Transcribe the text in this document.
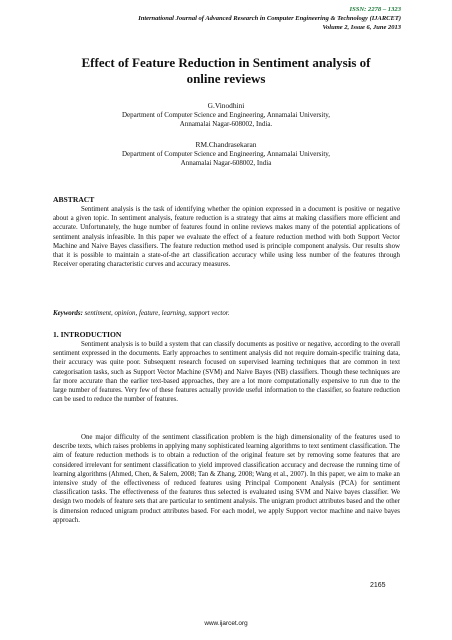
ISSN: 2278 – 1323
International Journal of Advanced Research in Computer Engineering & Technology (IJARCET)
Volume 2, Issue 6, June 2013
Effect of Feature Reduction in Sentiment analysis of
online reviews
G.Vinodhini
Department of Computer Science and Engineering, Annamalai University,
Annamalai Nagar-608002, India.
RM.Chandrasekaran
Department of Computer Science and Engineering, Annamalai University,
Annamalai Nagar-608002, India
ABSTRACT
Sentiment analysis is the task of identifying whether the opinion expressed in a document is positive or negative about a given topic. In sentiment analysis, feature reduction is a strategy that aims at making classifiers more efficient and accurate. Unfortunately, the huge number of features found in online reviews makes many of the potential applications of sentiment analysis infeasible. In this paper we evaluate the effect of a feature reduction method with both Support Vector Machine and Naive Bayes classifiers. The feature reduction method used is principle component analysis. Our results show that it is possible to maintain a state-of-the art classification accuracy while using less number of the features through Receiver operating characteristic curves and accuracy measures.
Keywords: sentiment, opinion, feature, learning, support vector.
1. INTRODUCTION
Sentiment analysis is to build a system that can classify documents as positive or negative, according to the overall sentiment expressed in the documents. Early approaches to sentiment analysis did not require domain-specific training data, their accuracy was quite poor. Subsequent research focused on supervised learning techniques that are common in text categorisation tasks, such as Support Vector Machine (SVM) and Naive Bayes (NB) classifiers. Though these techniques are far more accurate than the earlier text-based approaches, they are a lot more computationally expensive to run due to the large number of features. Very few of these features actually provide useful information to the classifier, so feature reduction can be used to reduce the number of features.
One major difficulty of the sentiment classification problem is the high dimensionality of the features used to describe texts, which raises problems in applying many sophisticated learning algorithms to text sentiment classification. The aim of feature reduction methods is to obtain a reduction of the original feature set by removing some features that are considered irrelevant for sentiment classification to yield improved classification accuracy and decrease the running time of learning algorithms (Ahmed, Chen, & Salem, 2008; Tan & Zhang, 2008; Wang et al., 2007). In this paper, we aim to make an intensive study of the effectiveness of reduced features using Principal Component Analysis (PCA) for sentiment classification tasks. The effectiveness of the features thus selected is evaluated using SVM and Naive bayes classifier. We design two models of feature sets that are particular to sentiment analysis. The unigram product attributes based and the other is dimension reduced unigram product attributes based. For each model, we apply Support vector machine and naive bayes approach.
2165
www.ijarcet.org
